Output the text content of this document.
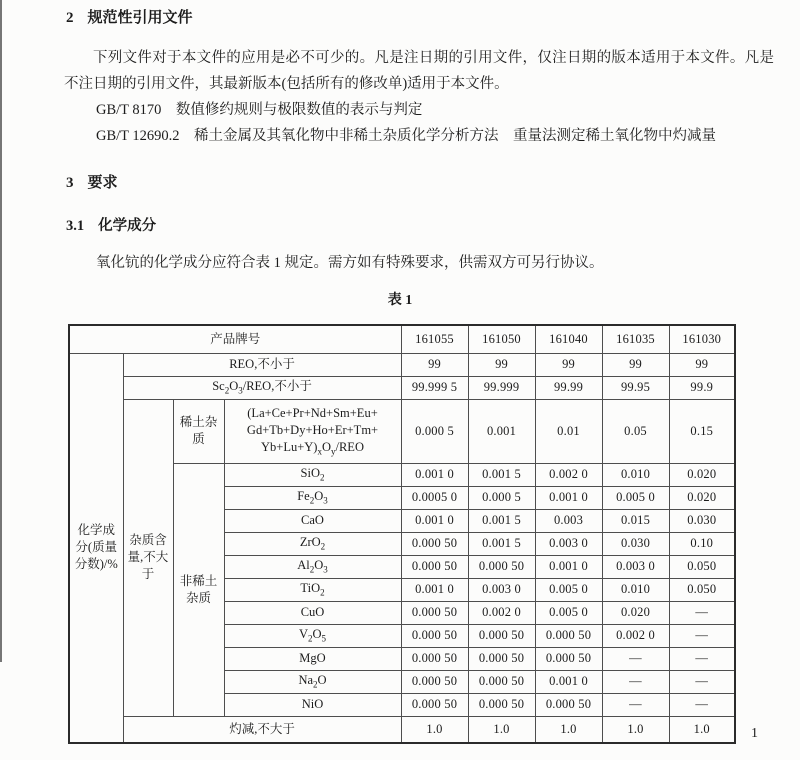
2 规范性引用文件

下列文件对于本文件的应用是必不可少的。凡是注日期的引用文件，仅注日期的版本适用于本文件。凡是不注日期的引用文件，其最新版本(包括所有的修改单)适用于本文件。

GB/T 8170　数值修约规则与极限数值的表示与判定

GB/T 12690.2　稀土金属及其氧化物中非稀土杂质化学分析方法　重量法测定稀土氧化物中灼减量

3 要求

3.1 化学成分

氧化钪的化学成分应符合表 1 规定。需方如有特殊要求，供需双方可另行协议。

表 1

产品牌号				161055	161050	161040	161035	161030
化学成分(质量分数)/%	REO,不小于			99	99	99	99	99
	$Sc_2O_3$/REO,不小于			99.999 5	99.999	99.99	99.95	99.9
	杂质含量,不大于	稀土杂质	(La+Ce+Pr+Nd+Sm+Eu+
Gd+Tb+Dy+Ho+Er+Tm+
$Yb+Lu+Y)_xO_y$/REO	0.000 5	0.001	0.01	0.05	0.15
		非稀土杂质	SiO$_2$	0.001 0	0.001 5	0.002 0	0.010	0.020
			$Fe_2O_3$	0.0005 0	0.000 5	0.001 0	0.005 0	0.020
			CaO	0.001 0	0.001 5	0.003	0.015	0.030
			ZrO$_2$	0.000 50	0.001 5	0.003 0	0.030	0.10
			$Al_2O_3$	0.000 50	0.000 50	0.001 0	0.003 0	0.050
			TiO$_2$	0.001 0	0.003 0	0.005 0	0.010	0.050
			CuO	0.000 50	0.002 0	0.005 0	0.020	—
			$V_2O_5$	0.000 50	0.000 50	0.000 50	0.002 0	—
			MgO	0.000 50	0.000 50	0.000 50	—	—
			$Na_2O$	0.000 50	0.000 50	0.001 0	—	—
			NiO	0.000 50	0.000 50	0.000 50	—	—
	灼减,不大于			1.0	1.0	1.0	1.0	1.0	1
